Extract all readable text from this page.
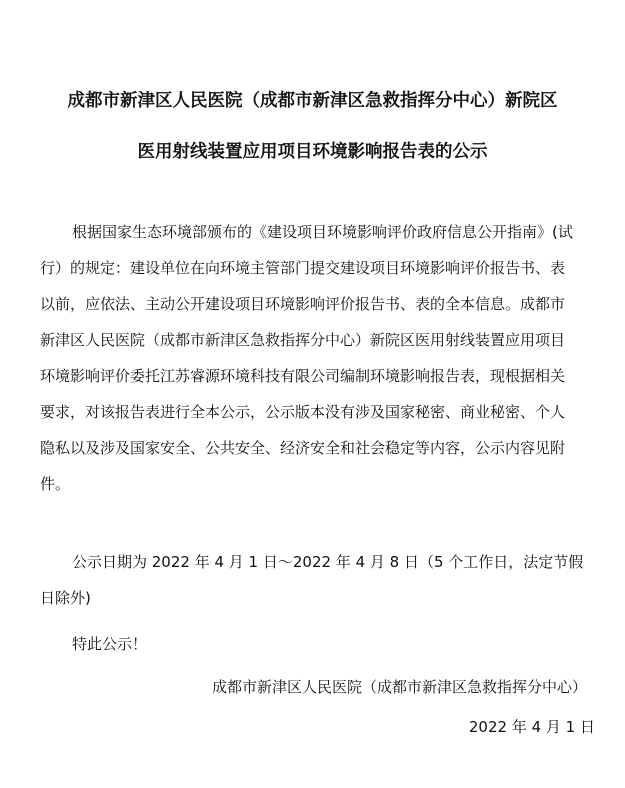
成都市新津区人民医院（成都市新津区急救指挥分中心）新院区
医用射线装置应用项目环境影响报告表的公示
根据国家生态环境部颁布的《建设项目环境影响评价政府信息公开指南》(试
行）的规定：建设单位在向环境主管部门提交建设项目环境影响评价报告书、表
以前，应依法、主动公开建设项目环境影响评价报告书、表的全本信息。成都市
新津区人民医院（成都市新津区急救指挥分中心）新院区医用射线装置应用项目
环境影响评价委托江苏睿源环境科技有限公司编制环境影响报告表，现根据相关
要求，对该报告表进行全本公示，公示版本没有涉及国家秘密、商业秘密、个人
隐私以及涉及国家安全、公共安全、经济安全和社会稳定等内容，公示内容见附
件。
公示日期为 2022 年 4 月 1 日～2022 年 4 月 8 日（5 个工作日，法定节假
日除外)
特此公示！
成都市新津区人民医院（成都市新津区急救指挥分中心）
2022 年 4 月 1 日
